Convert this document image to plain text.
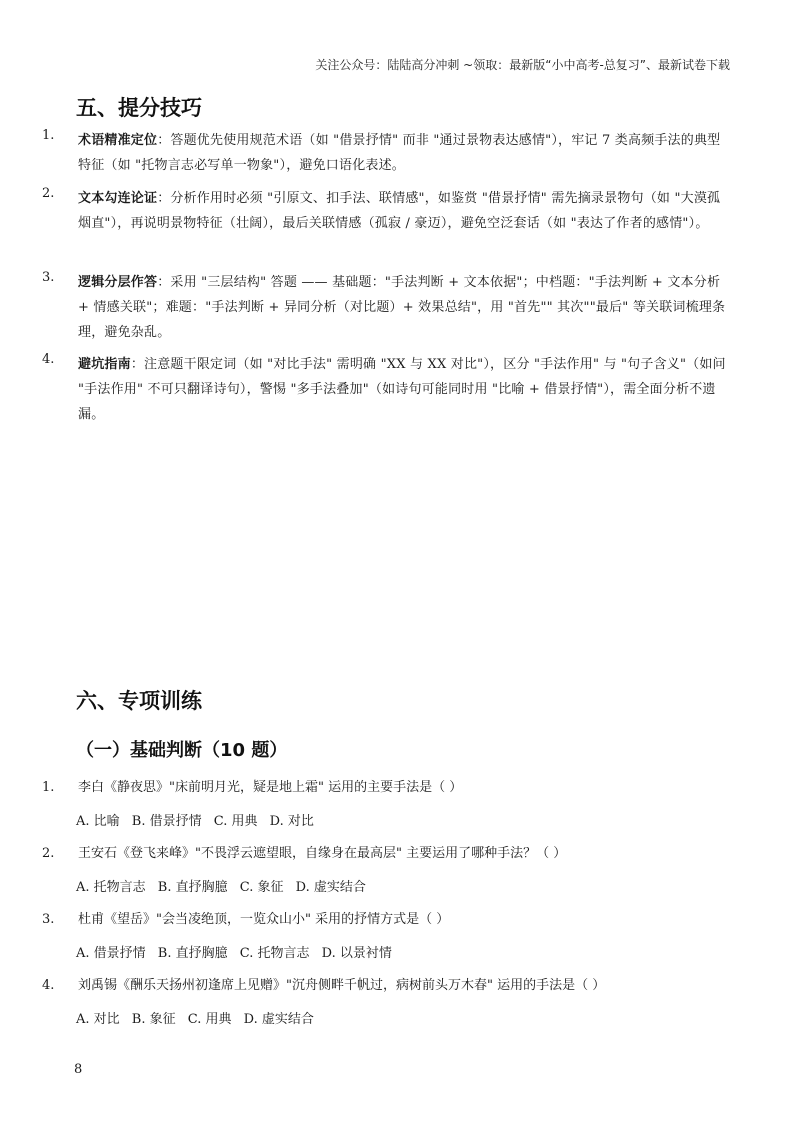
关注公众号：陆陆高分冲刺 ~领取：最新版“小中高考-总复习”、最新试卷下载
五、提分技巧
1.	术语精准定位：答题优先使用规范术语（如 "借景抒情" 而非 "通过景物表达感情"），牢记 7 类高频手法的典型特征（如 "托物言志必写单一物象"），避免口语化表述。
2.	文本勾连论证：分析作用时必须 "引原文、扣手法、联情感"，如鉴赏 "借景抒情" 需先摘录景物句（如 "大漠孤烟直"），再说明景物特征（壮阔），最后关联情感（孤寂 / 豪迈），避免空泛套话（如 "表达了作者的感情"）。
3.	逻辑分层作答：采用 "三层结构" 答题 —— 基础题："手法判断 + 文本依据"；中档题："手法判断 + 文本分析 + 情感关联"；难题："手法判断 + 异同分析（对比题）+ 效果总结"，用 "首先"" 其次""最后" 等关联词梳理条理，避免杂乱。
4.	避坑指南：注意题干限定词（如 "对比手法" 需明确 "XX 与 XX 对比"），区分 "手法作用" 与 "句子含义"（如问 "手法作用" 不可只翻译诗句），警惕 "多手法叠加"（如诗句可能同时用 "比喻 + 借景抒情"），需全面分析不遗漏。
六、专项训练
（一）基础判断（10 题）
1.	李白《静夜思》"床前明月光，疑是地上霜" 运用的主要手法是（ ）
A. 比喻 B. 借景抒情 C. 用典 D. 对比
2.	王安石《登飞来峰》"不畏浮云遮望眼，自缘身在最高层" 主要运用了哪种手法？（ ）
A. 托物言志 B. 直抒胸臆 C. 象征 D. 虚实结合
3.	杜甫《望岳》"会当凌绝顶，一览众山小" 采用的抒情方式是（ ）
A. 借景抒情 B. 直抒胸臆 C. 托物言志 D. 以景衬情
4.	刘禹锡《酬乐天扬州初逢席上见赠》"沉舟侧畔千帆过，病树前头万木春" 运用的手法是（ ）
A. 对比 B. 象征 C. 用典 D. 虚实结合
8
